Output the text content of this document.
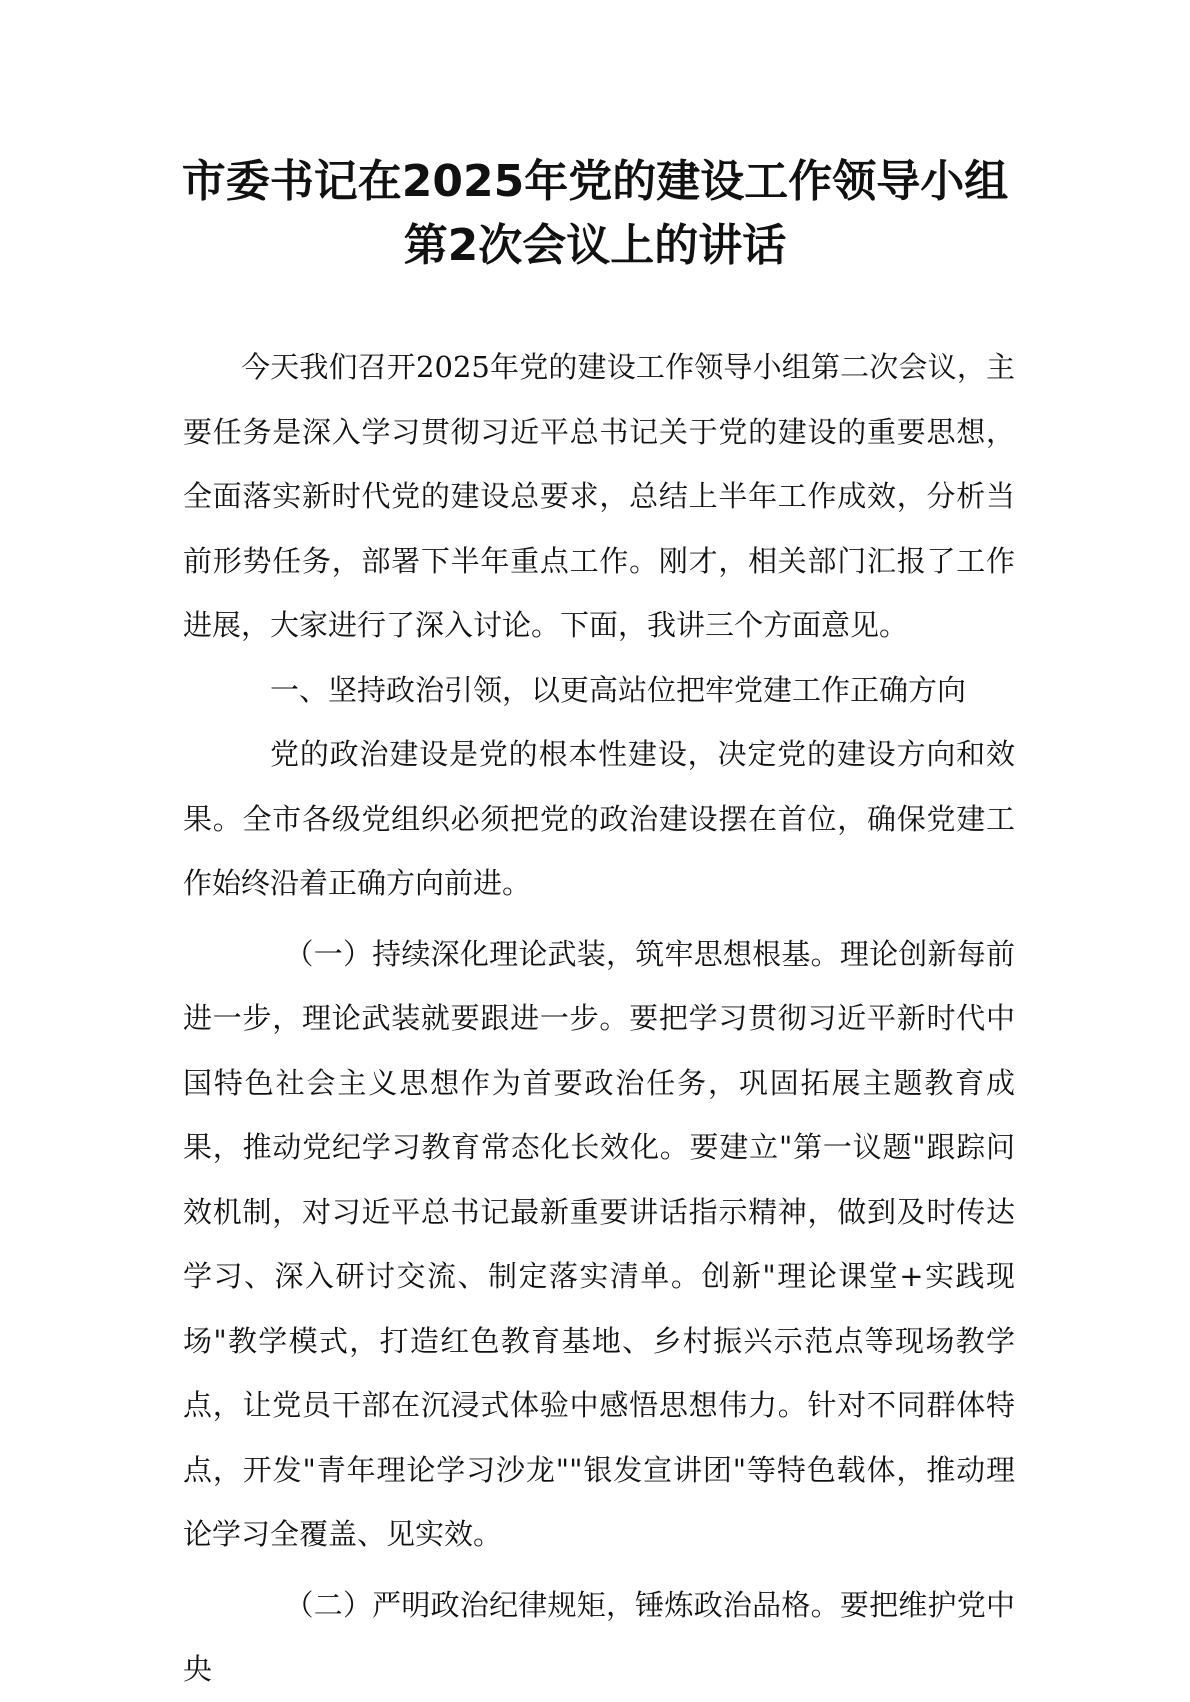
市委书记在2025年党的建设工作领导小组
第2次会议上的讲话

今天我们召开2025年党的建设工作领导小组第二次会议，主要任务是深入学习贯彻习近平总书记关于党的建设的重要思想，全面落实新时代党的建设总要求，总结上半年工作成效，分析当前形势任务，部署下半年重点工作。刚才，相关部门汇报了工作进展，大家进行了深入讨论。下面，我讲三个方面意见。

一、坚持政治引领，以更高站位把牢党建工作正确方向

党的政治建设是党的根本性建设，决定党的建设方向和效果。全市各级党组织必须把党的政治建设摆在首位，确保党建工作始终沿着正确方向前进。

（一）持续深化理论武装，筑牢思想根基。理论创新每前进一步，理论武装就要跟进一步。要把学习贯彻习近平新时代中国特色社会主义思想作为首要政治任务，巩固拓展主题教育成果，推动党纪学习教育常态化长效化。要建立"第一议题"跟踪问效机制，对习近平总书记最新重要讲话指示精神，做到及时传达学习、深入研讨交流、制定落实清单。创新"理论课堂+实践现场"教学模式，打造红色教育基地、乡村振兴示范点等现场教学点，让党员干部在沉浸式体验中感悟思想伟力。针对不同群体特点，开发"青年理论学习沙龙""银发宣讲团"等特色载体，推动理论学习全覆盖、见实效。

（二）严明政治纪律规矩，锤炼政治品格。要把维护党中央
